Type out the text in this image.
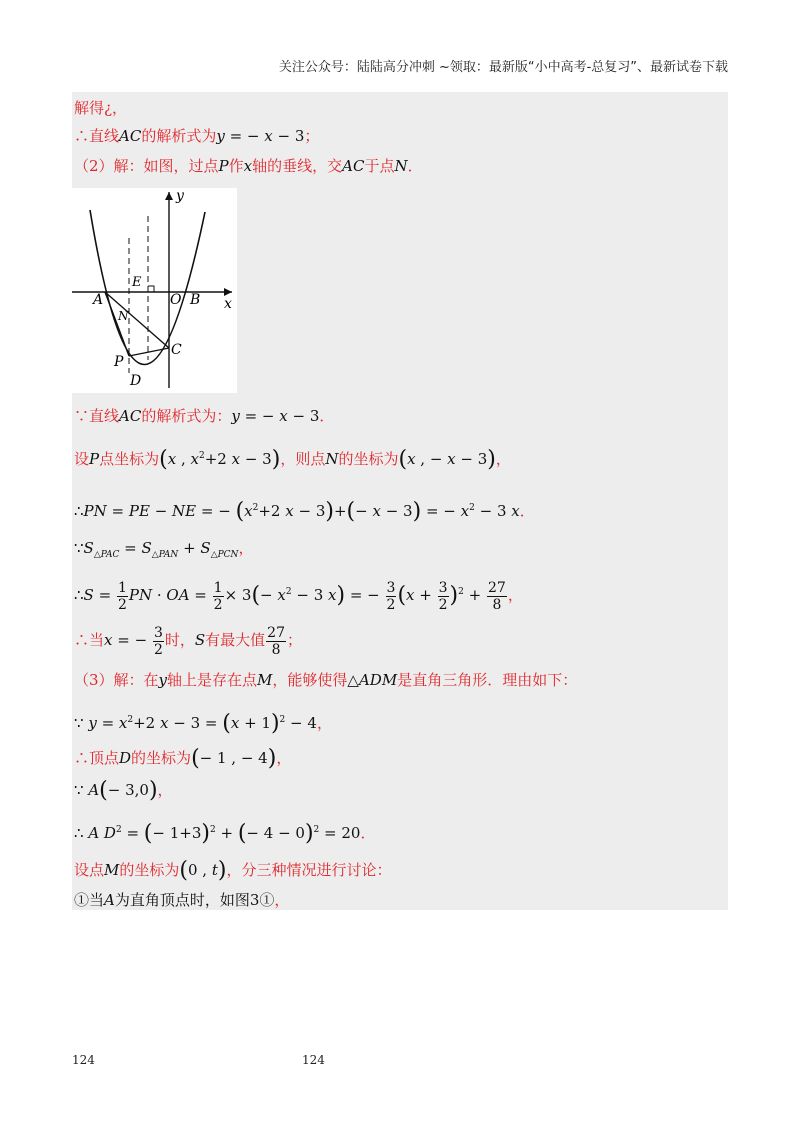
关注公众号：陆陆高分冲刺 ~领取：最新版“小中高考-总复习”、最新试卷下载
解得¿，
∴直线AC的解析式为y = − x − 3；
（2）解：如图，过点P作x轴的垂线，交AC于点N．
y
x
E
A	O B
N
C
P
D
∵直线AC的解析式为：y = − x − 3．
设P点坐标为(x , $x^2+2$ x − 3)，则点N的坐标为(x , − x − 3)，
∴PN = PE − NE = − ($x^2+2$ x − 3)+(− x − 3) = − $x^2 - 3$ x．
$\because S_{\triangle PAC} = S_{\triangle PAN} + S_{\triangle PCN}$，
∴S = $\frac{1}{2}$ PN · OA = $\frac{1}{2} \times 3(- x^2 - 3$ x) = − $\frac{3}{2} (x + \frac{3}{2} )^2 + \frac{27}{8}$ ，
∴当x = − $\frac{3}{2}$ 时，S有最大值 $\frac{27}{8}$ ；
（3）解：在y轴上是存在点M，能够使得△ADM是直角三角形．理由如下：
∵ $y = x^2+2$ $x - 3 = (x + 1)^2 - 4$，
∴顶点D的坐标为(− 1 , − 4)，
∵ A(− 3,0)，
∴ A $D^2$ = (− 1+3)$^2$ + (− 4 − 0)$^2$ = 20．
设点M的坐标为(0 , t)，分三种情况进行讨论：
①当A为直角顶点时，如图3①，
124	124
